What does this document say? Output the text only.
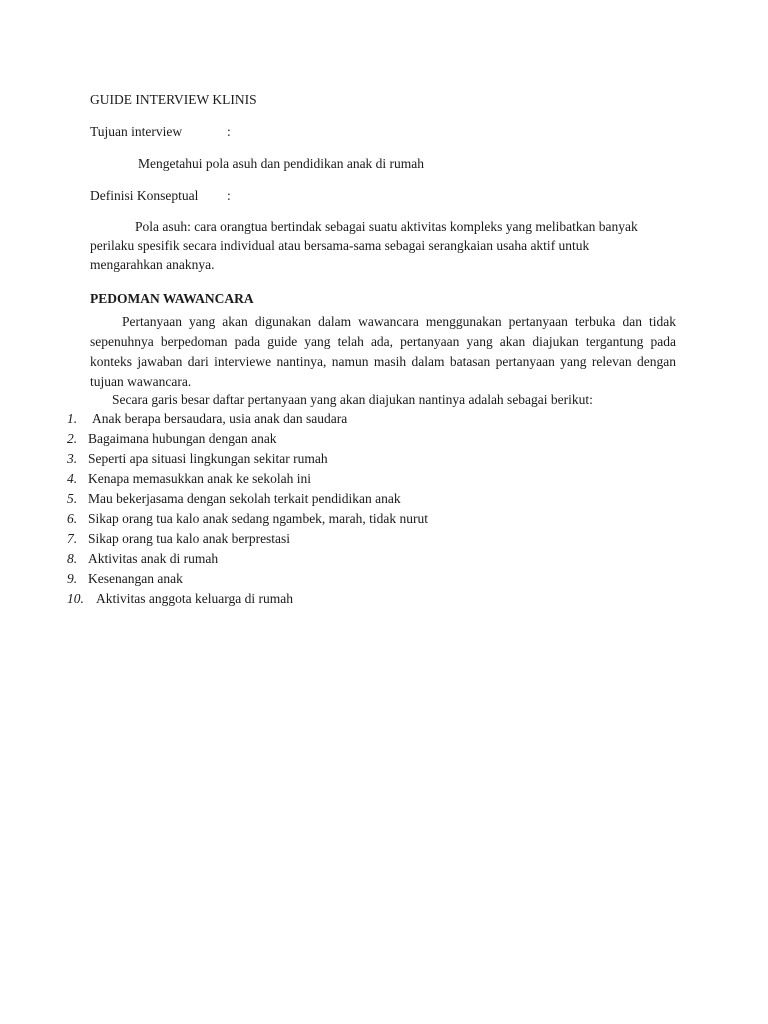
GUIDE INTERVIEW KLINIS
Tujuan interview	:
Mengetahui pola asuh dan pendidikan anak di rumah
Definisi Konseptual :
Pola asuh: cara orangtua bertindak sebagai suatu aktivitas kompleks yang melibatkan banyak
perilaku spesifik secara individual atau bersama-sama sebagai serangkaian usaha aktif untuk
mengarahkan anaknya.
PEDOMAN WAWANCARA
Pertanyaan yang akan digunakan dalam wawancara menggunakan pertanyaan terbuka dan tidak sepenuhnya berpedoman pada guide yang telah ada, pertanyaan yang akan diajukan tergantung pada konteks jawaban dari interviewe nantinya, namun masih dalam batasan pertanyaan yang relevan dengan tujuan wawancara.
Secara garis besar daftar pertanyaan yang akan diajukan nantinya adalah sebagai berikut:
1. Anak berapa bersaudara, usia anak dan saudara
2. Bagaimana hubungan dengan anak
3. Seperti apa situasi lingkungan sekitar rumah
4. Kenapa memasukkan anak ke sekolah ini
5. Mau bekerjasama dengan sekolah terkait pendidikan anak
6. Sikap orang tua kalo anak sedang ngambek, marah, tidak nurut
7. Sikap orang tua kalo anak berprestasi
8. Aktivitas anak di rumah
9. Kesenangan anak
10. Aktivitas anggota keluarga di rumah
